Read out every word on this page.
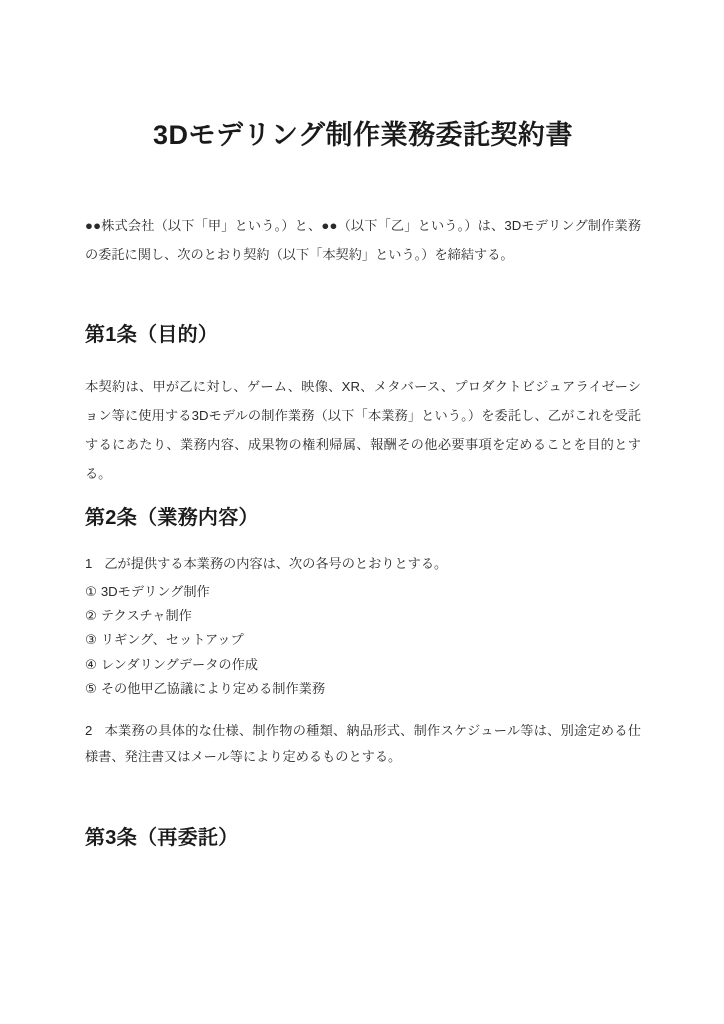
3Dモデリング制作業務委託契約書

●●株式会社（以下「甲」という。）と、●●（以下「乙」という。）は、3Dモデリング制作業務の委託に関し、次のとおり契約（以下「本契約」という。）を締結する。

第1条（目的）

本契約は、甲が乙に対し、ゲーム、映像、XR、メタバース、プロダクトビジュアライゼーション等に使用する3Dモデルの制作業務（以下「本業務」という。）を委託し、乙がこれを受託するにあたり、業務内容、成果物の権利帰属、報酬その他必要事項を定めることを目的とする。

第2条（業務内容）

1 乙が提供する本業務の内容は、次の各号のとおりとする。

① 3Dモデリング制作
② テクスチャ制作
③ リギング、セットアップ
④ レンダリングデータの作成
⑤ その他甲乙協議により定める制作業務

2 本業務の具体的な仕様、制作物の種類、納品形式、制作スケジュール等は、別途定める仕様書、発注書又はメール等により定めるものとする。

第3条（再委託）
